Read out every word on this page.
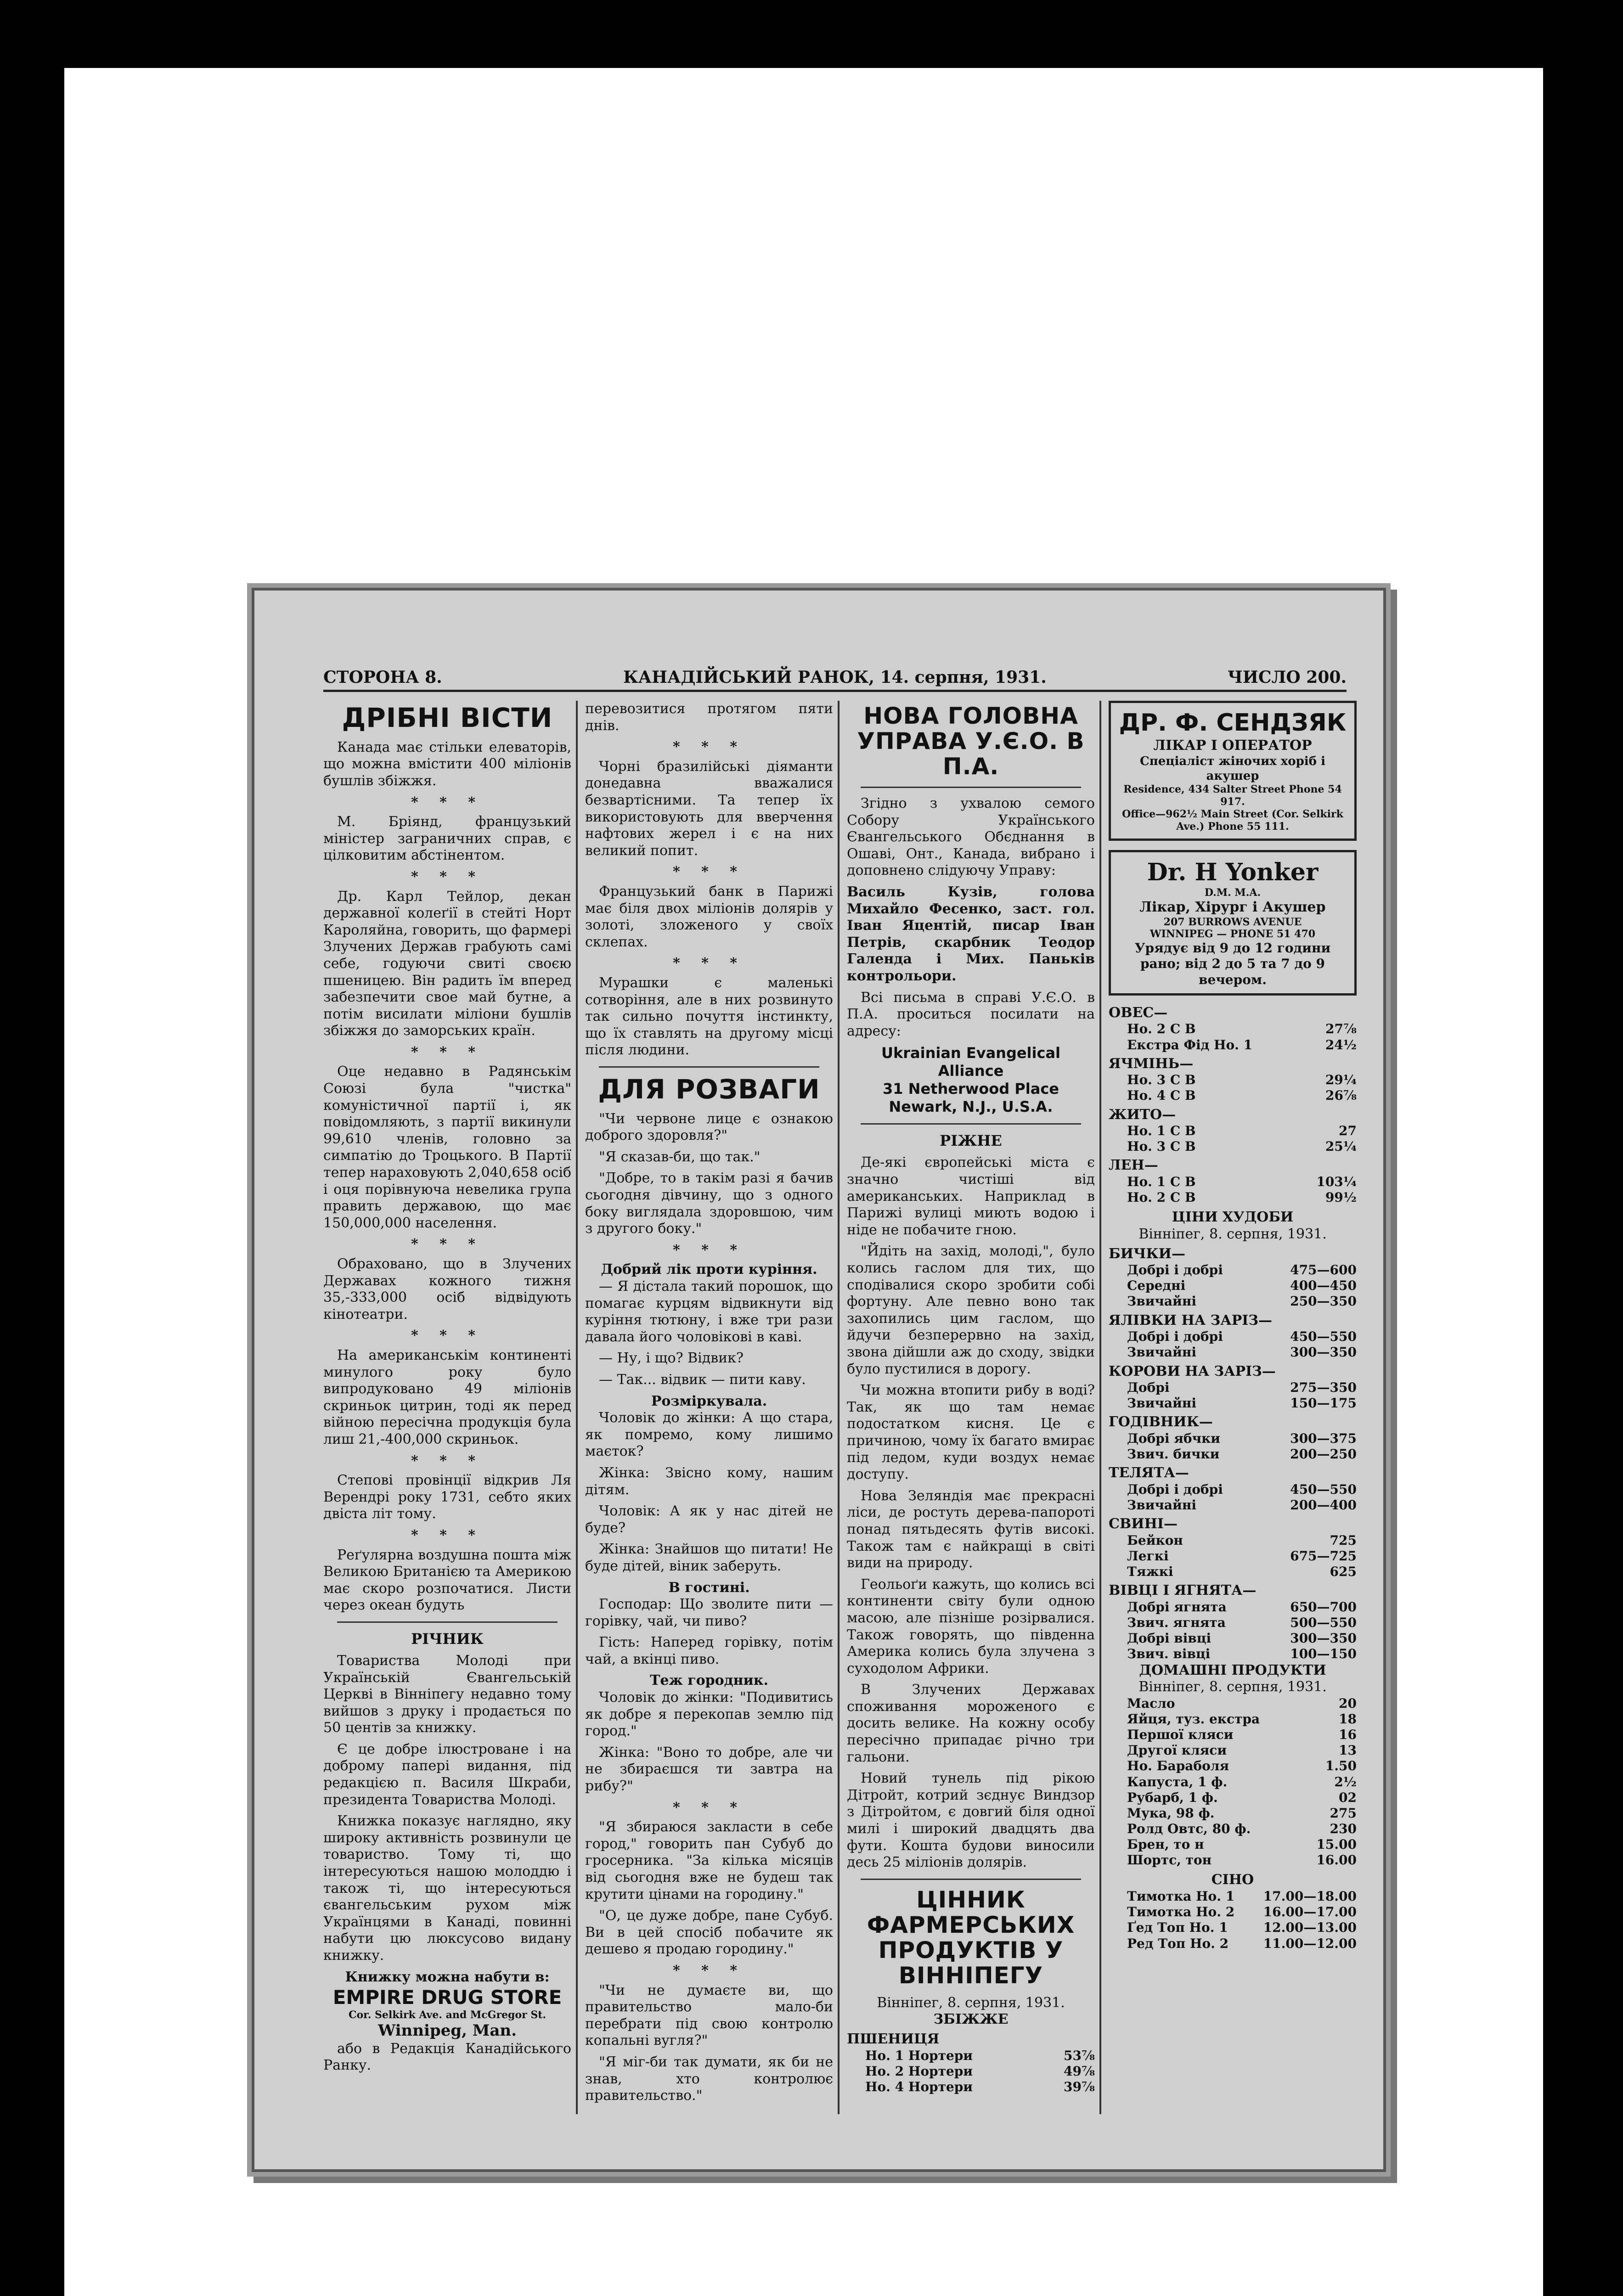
СТОРОНА 8.	КАНАДІЙСЬКИЙ РАНОК, 14. серпня, 1931.	ЧИСЛО 200.
ДРІБНІ ВІСТИ

Канада має стільки елеваторів, що можна вмістити 400 міліонів бушлів збіжжя.

* * *

М. Бріянд, французький міністер заграничних справ, є цілковитим абстінентом.

* * *

Др. Карл Тейлор, декан державної колеґії в стейті Норт Кароляйна, говорить, що фармері Злучених Держав грабують самі себе, годуючи свиті своєю пшеницею. Він радить їм вперед забезпечити свое май бутне, а потім висилати міліони бушлів збіжжя до заморських країн.

* * *

Оце недавно в Радянськім Союзі була "чистка" комуністичної партії і, як повідомляють, з партії викинули 99,610 членів, головно за симпатію до Троцького. В Партії тепер нараховують 2,040,658 осіб і оця порівнуюча невелика група править державою, що має 150,000,000 населення.

* * *

Обраховано, що в Злучених Державах кожного тижня 35,-333,000 осіб відвідують кінотеатри.

* * *

На американськім континенті минулого року було випродуковано 49 міліонів скриньок цитрин, тоді як перед війною пересічна продукція була лиш 21,-400,000 скриньок.

* * *

Степові провінції відкрив Ля Верендрі року 1731, себто яких двіста літ тому.

* * *

Реґулярна воздушна пошта між Великою Британією та Америкою має скоро розпочатися. Листи через океан будуть

РІЧНИК

Товариства Молоді при Українській Євангельській Церкві в Вінніпегу недавно тому вийшов з друку і продається по 50 центів за книжку.

Є це добре ілюстроване і на доброму папері видання, під редакцією п. Василя Шкраби, президента Товариства Молоді.

Книжка показує наглядно, яку широку активність розвинули це товариство. Тому ті, що інтересуються нашою молоддю і також ті, що інтересуються євангельським рухом між Українцями в Канаді, повинні набути цю люксусово видану книжку.

Книжку можна набути в:
EMPIRE DRUG STORE
Cor. Selkirk Ave. and McGregor St.
Winnipeg, Man.

або в Редакція Канадійського Ранку.

перевозитися протягом пяти днів.

* * *

Чорні бразилійські діяманти донедавна вважалися безвартісними. Та тепер їх використовують для вверчення нафтових жерел і є на них великий попит.

* * *

Французький банк в Парижі має біля двох міліонів долярів у золоті, зложеного у своїх склепах.

* * *

Мурашки є маленькі сотворіння, але в них розвинуто так сильно почуття інстинкту, що їх ставлять на другому місці після людини.

ДЛЯ РОЗВАГИ

"Чи червоне лице є ознакою доброго здоровля?"

"Я сказав-би, що так."

"Добре, то в такім разі я бачив сьогодня дівчину, що з одного боку виглядала здоровшою, чим з другого боку."

* * *
Добрий лік проти куріння.

— Я дістала такий порошок, що помагає курцям відвикнути від куріння тютюну, і вже три рази давала його чоловікові в каві.

— Ну, і що? Відвик?

— Так... відвик — пити каву.

Розміркувала.

Чоловік до жінки: А що стара, як помремо, кому лишимо маєток?

Жінка: Звісно кому, нашим дітям.

Чоловік: А як у нас дітей не буде?

Жінка: Знайшов що питати! Не буде дітей, віник заберуть.

В гостині.

Господар: Що зволите пити — горівку, чай, чи пиво?

Гість: Наперед горівку, потім чай, а вкінці пиво.

Теж городник.

Чоловік до жінки: "Подивитись як добре я перекопав землю під город."

Жінка: "Воно то добре, але чи не збираєшся ти завтра на рибу?"

* * *

"Я збираюся закласти в себе город," говорить пан Субуб до гросерника. "За кілька місяців від сьогодня вже не будеш так крутити цінами на городину."

"О, це дуже добре, пане Субуб. Ви в цей спосіб побачите як дешево я продаю городину."

* * *

"Чи не думаєте ви, що правительство мало-би перебрати під свою контролю копальні вугля?"

"Я міг-би так думати, як би не знав, хто контролює правительство."

НОВА ГОЛОВНА УПРАВА У.Є.О. В П.А.

Згідно з ухвалою семого Собору Українського Євангельського Обєднання в Ошаві, Онт., Канада, вибрано і доповнено слідуючу Управу:

Василь Кузів, голова Михайло Фесенко, заст. гол. Іван Яцентій, писар Іван Петрів, скарбник Теодор Галенда і Мих. Паньків контрольори.

Всі письма в справі У.Є.О. в П.А. проситься посилати на адресу:

Ukrainian Evangelical Alliance
31 Netherwood Place
Newark, N.J., U.S.A.
РІЖНЕ

Де-які європейські міста є значно чистіші від американських. Наприклад в Парижі вулиці миють водою і ніде не побачите гною.

"Йдіть на захід, молоді,", було колись гаслом для тих, що сподівалися скоро зробити собі фортуну. Але певно воно так захопились цим гаслом, що йдучи безперервно на захід, звона дійшли аж до сходу, звідки було пустилися в дорогу.

Чи можна втопити рибу в воді? Так, як що там немає подостатком кисня. Це є причиною, чому їх багато вмирає під ледом, куди воздух немає доступу.

Нова Зеляндія має прекрасні ліси, де ростуть дерева-папороті понад пятьдесять футів високі. Також там є найкращі в світі види на природу.

Геольоґи кажуть, що колись всі континенти світу були одною масою, але пізніше розірвалися. Також говорять, що південна Америка колись була злучена з суходолом Африки.

В Злучених Державах споживання мороженого є досить велике. На кожну особу пересічно припадає річно три гальони.

Новий тунель під рікою Дітройт, котрий зєднує Виндзор з Дітройтом, є довгий біля одної милі і широкий двадцять два фути. Кошта будови виносили десь 25 міліонів долярів.

ЦІННИК ФАРМЕРСЬКИХ ПРОДУКТІВ У ВІННІПЕГУ
Вінніпег, 8. серпня, 1931.
ЗБІЖЖЕ
ПШЕНИЦЯ
Но. 1 Нортери	53⅞
Но. 2 Нортери	49⅞
Но. 4 Нортери	39⅞
ДР. Ф. СЕНДЗЯК
ЛІКАР І ОПЕРАТОР
Спеціаліст жіночих хоріб і акушер
Residence, 434 Salter Street Phone 54 917.
Office—962½ Main Street (Cor. Selkirk Ave.) Phone 55 111.
Dr. H Yonker
D.M. M.A.
Лікар, Хірург і Акушер
207 BURROWS AVENUE
WINNIPEG — PHONE 51 470
Урядує від 9 до 12 години рано; від 2 до 5 та 7 до 9 вечером.
ОВЕС—
Но. 2 С В	27⅞
Екстра Фід Но. 1	24½
ЯЧМІНЬ—
Но. 3 С В	29¼
Но. 4 С В	26⅞
ЖИТО—
Но. 1 С В	27
Но. 3 С В	25¼
ЛЕН—
Но. 1 С В	103¼
Но. 2 С В	99½
ЦІНИ ХУДОБИ
Вінніпег, 8. серпня, 1931.
БИЧКИ—
Добрі і добрі	475—600
Середні	400—450
Звичайні	250—350
ЯЛІВКИ НА ЗАРІЗ—
Добрі і добрі	450—550
Звичайні	300—350
КОРОВИ НА ЗАРІЗ—
Добрі	275—350
Звичайні	150—175
ГОДІВНИК—
Добрі ябчки	300—375
Звич. бички	200—250
ТЕЛЯТА—
Добрі і добрі	450—550
Звичайні	200—400
СВИНІ—
Бейкон	725
Легкі	675—725
Тяжкі	625
ВІВЦІ І ЯГНЯТА—
Добрі ягнята	650—700
Звич. ягнята	500—550
Добрі вівці	300—350
Звич. вівці	100—150
ДОМАШНІ ПРОДУКТИ
Вінніпег, 8. серпня, 1931.
Масло	20
Яйця, туз. екстра	18
Першої кляси	16
Другої кляси	13
Но. Бараболя	1.50
Капуста, 1 ф.	2½
Рубарб, 1 ф.	02
Мука, 98 ф.	275
Ролд Овтс, 80 ф.	230
Брен, то н	15.00
Шортс, тон	16.00
СІНО
Тимотка Но. 1 17.00—18.00
Тимотка Но. 2 16.00—17.00
Ґед Топ Но. 1	12.00—13.00
Ред Топ Но. 2	11.00—12.00
